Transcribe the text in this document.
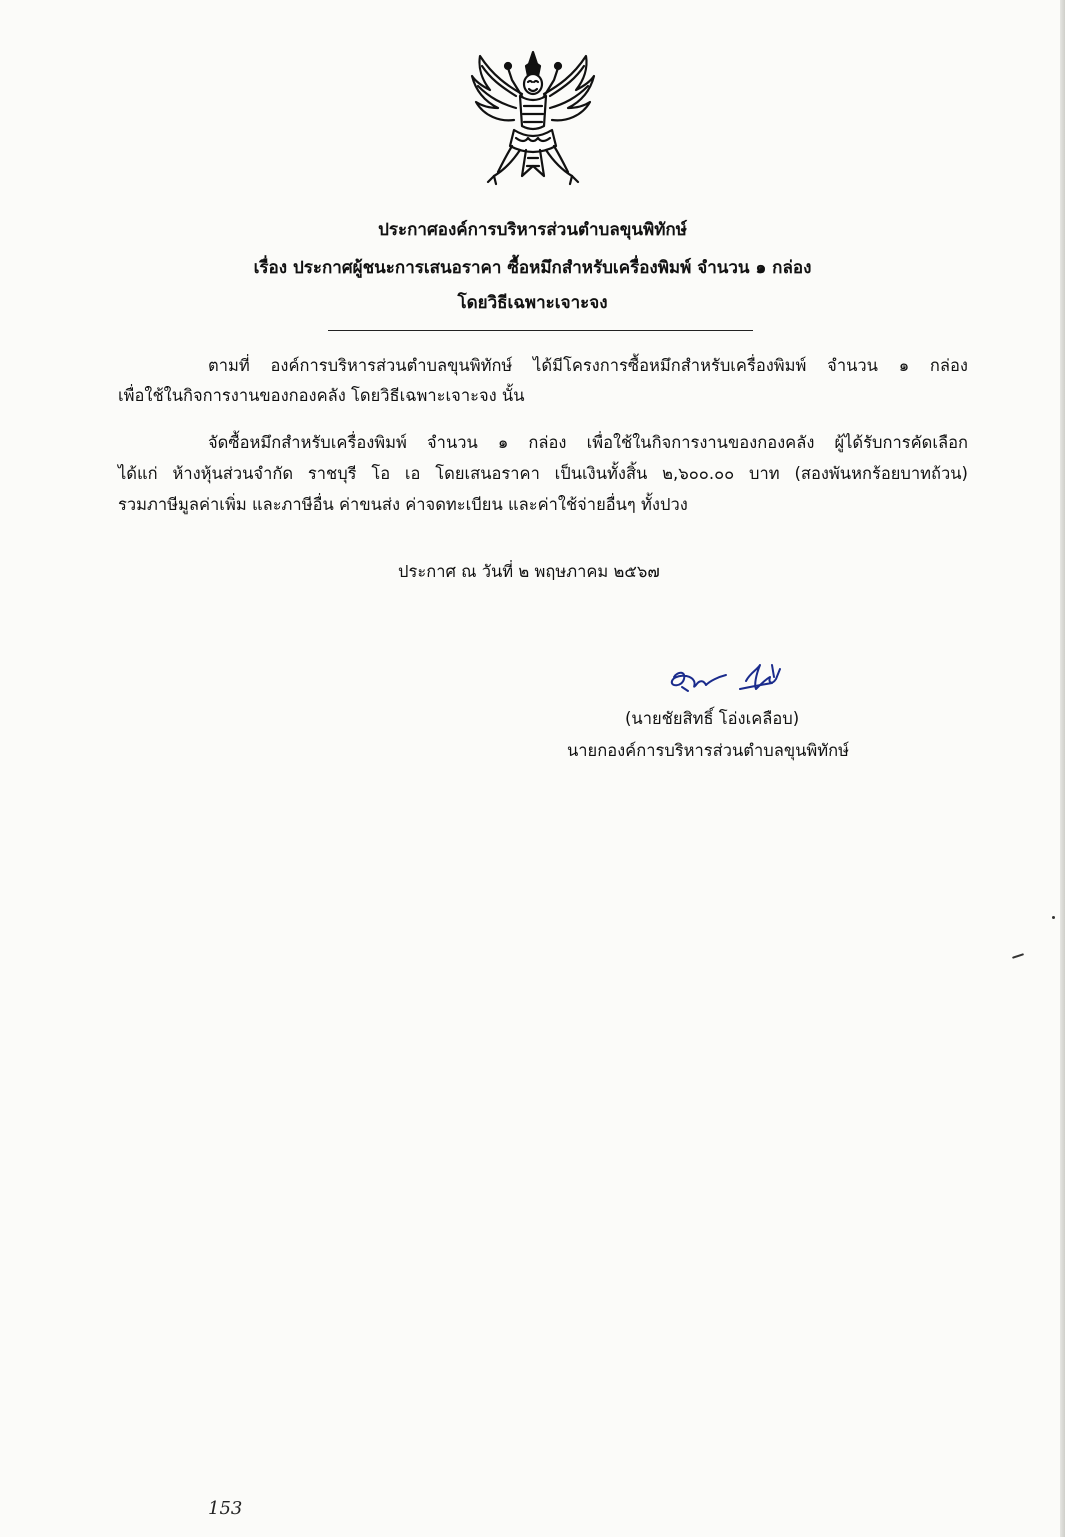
ประกาศองค์การบริหารส่วนตำบลขุนพิทักษ์
เรื่อง ประกาศผู้ชนะการเสนอราคา ซื้อหมึกสำหรับเครื่องพิมพ์ จำนวน ๑ กล่อง
โดยวิธีเฉพาะเจาะจง
ตามที่ องค์การบริหารส่วนตำบลขุนพิทักษ์ ได้มีโครงการซื้อหมึกสำหรับเครื่องพิมพ์ จำนวน ๑ กล่อง
เพื่อใช้ในกิจการงานของกองคลัง โดยวิธีเฉพาะเจาะจง นั้น
จัดซื้อหมึกสำหรับเครื่องพิมพ์ จำนวน ๑ กล่อง เพื่อใช้ในกิจการงานของกองคลัง ผู้ได้รับการคัดเลือก
ได้แก่ ห้างหุ้นส่วนจำกัด ราชบุรี โอ เอ โดยเสนอราคา เป็นเงินทั้งสิ้น ๒,๖๐๐.๐๐ บาท (สองพันหกร้อยบาทถ้วน)
รวมภาษีมูลค่าเพิ่ม และภาษีอื่น ค่าขนส่ง ค่าจดทะเบียน และค่าใช้จ่ายอื่นๆ ทั้งปวง
ประกาศ ณ วันที่ ๒ พฤษภาคม ๒๕๖๗
(นายชัยสิทธิ์ โอ่งเคลือบ)
นายกองค์การบริหารส่วนตำบลขุนพิทักษ์
153
